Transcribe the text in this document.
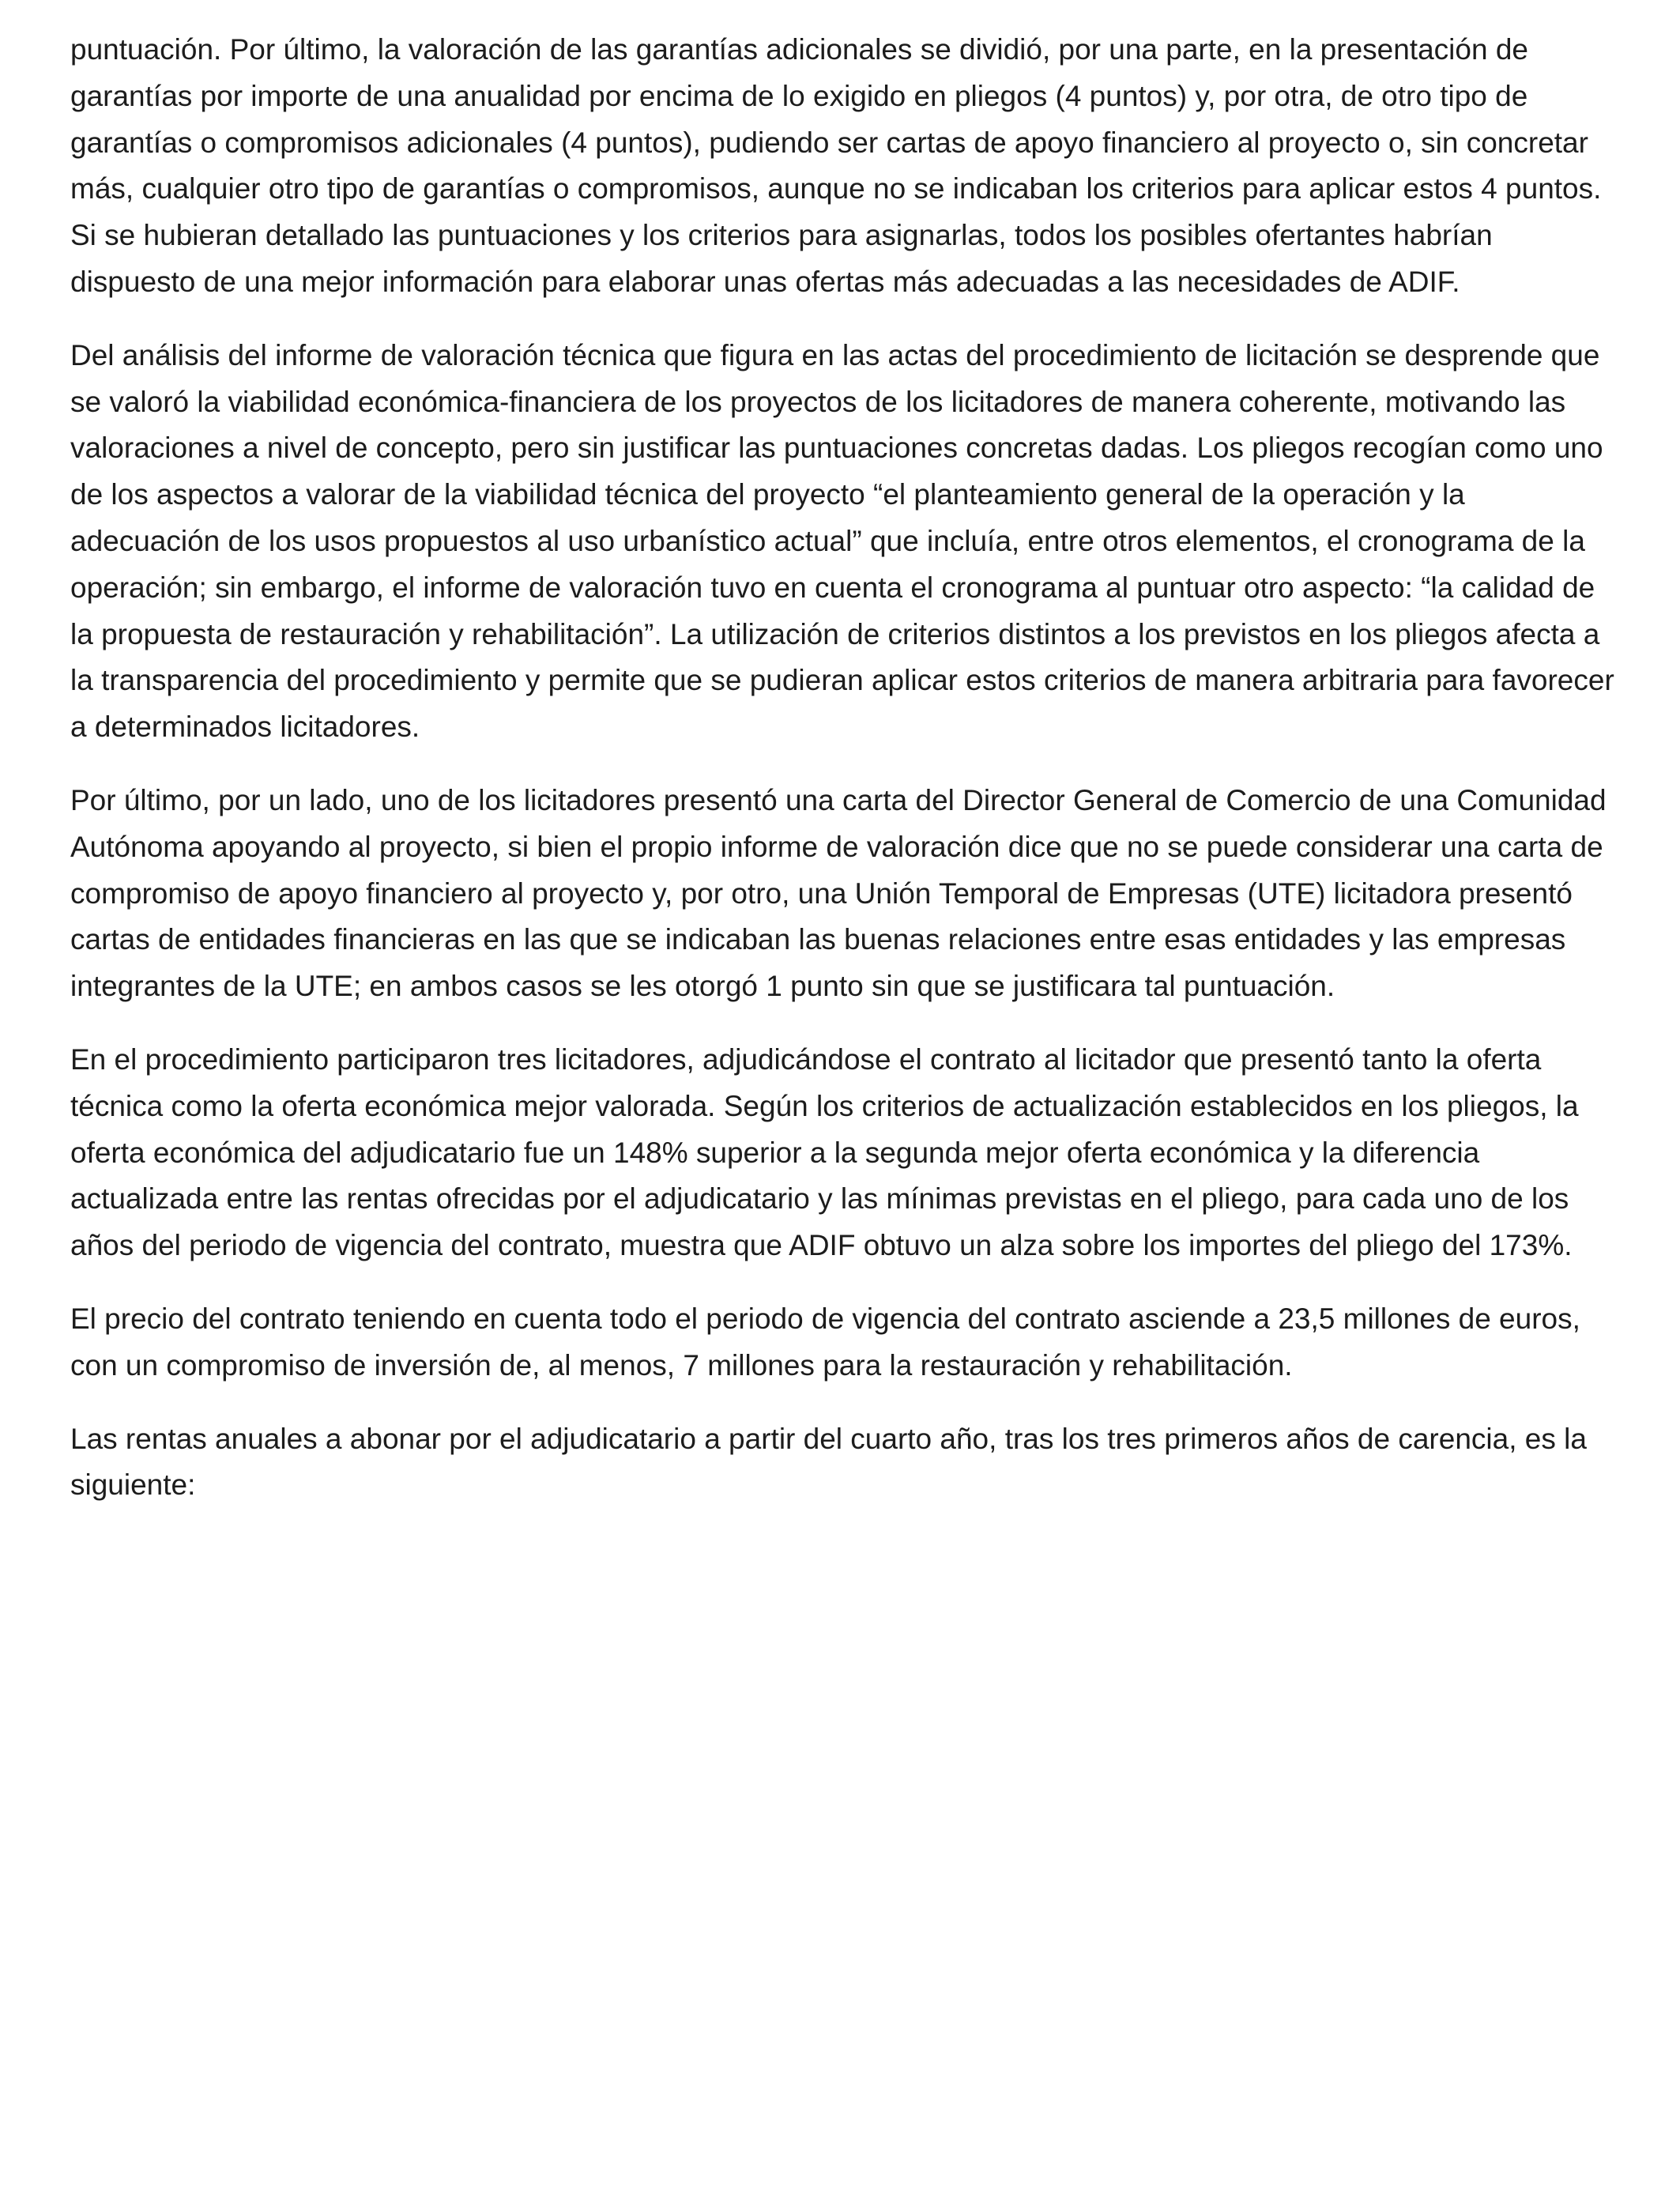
puntuación. Por último, la valoración de las garantías adicionales se dividió, por una parte, en la presentación de garantías por importe de una anualidad por encima de lo exigido en pliegos (4 puntos) y, por otra, de otro tipo de garantías o compromisos adicionales (4 puntos), pudiendo ser cartas de apoyo financiero al proyecto o, sin concretar más, cualquier otro tipo de garantías o compromisos, aunque no se indicaban los criterios para aplicar estos 4 puntos. Si se hubieran detallado las puntuaciones y los criterios para asignarlas, todos los posibles ofertantes habrían dispuesto de una mejor información para elaborar unas ofertas más adecuadas a las necesidades de ADIF.

Del análisis del informe de valoración técnica que figura en las actas del procedimiento de licitación se desprende que se valoró la viabilidad económica-financiera de los proyectos de los licitadores de manera coherente, motivando las valoraciones a nivel de concepto, pero sin justificar las puntuaciones concretas dadas. Los pliegos recogían como uno de los aspectos a valorar de la viabilidad técnica del proyecto “el planteamiento general de la operación y la adecuación de los usos propuestos al uso urbanístico actual” que incluía, entre otros elementos, el cronograma de la operación; sin embargo, el informe de valoración tuvo en cuenta el cronograma al puntuar otro aspecto: “la calidad de la propuesta de restauración y rehabilitación”. La utilización de criterios distintos a los previstos en los pliegos afecta a la transparencia del procedimiento y permite que se pudieran aplicar estos criterios de manera arbitraria para favorecer a determinados licitadores.

Por último, por un lado, uno de los licitadores presentó una carta del Director General de Comercio de una Comunidad Autónoma apoyando al proyecto, si bien el propio informe de valoración dice que no se puede considerar una carta de compromiso de apoyo financiero al proyecto y, por otro, una Unión Temporal de Empresas (UTE) licitadora presentó cartas de entidades financieras en las que se indicaban las buenas relaciones entre esas entidades y las empresas integrantes de la UTE; en ambos casos se les otorgó 1 punto sin que se justificara tal puntuación.

En el procedimiento participaron tres licitadores, adjudicándose el contrato al licitador que presentó tanto la oferta técnica como la oferta económica mejor valorada. Según los criterios de actualización establecidos en los pliegos, la oferta económica del adjudicatario fue un 148% superior a la segunda mejor oferta económica y la diferencia actualizada entre las rentas ofrecidas por el adjudicatario y las mínimas previstas en el pliego, para cada uno de los años del periodo de vigencia del contrato, muestra que ADIF obtuvo un alza sobre los importes del pliego del 173%.

El precio del contrato teniendo en cuenta todo el periodo de vigencia del contrato asciende a 23,5 millones de euros, con un compromiso de inversión de, al menos, 7 millones para la restauración y rehabilitación.

Las rentas anuales a abonar por el adjudicatario a partir del cuarto año, tras los tres primeros años de carencia, es la siguiente:
